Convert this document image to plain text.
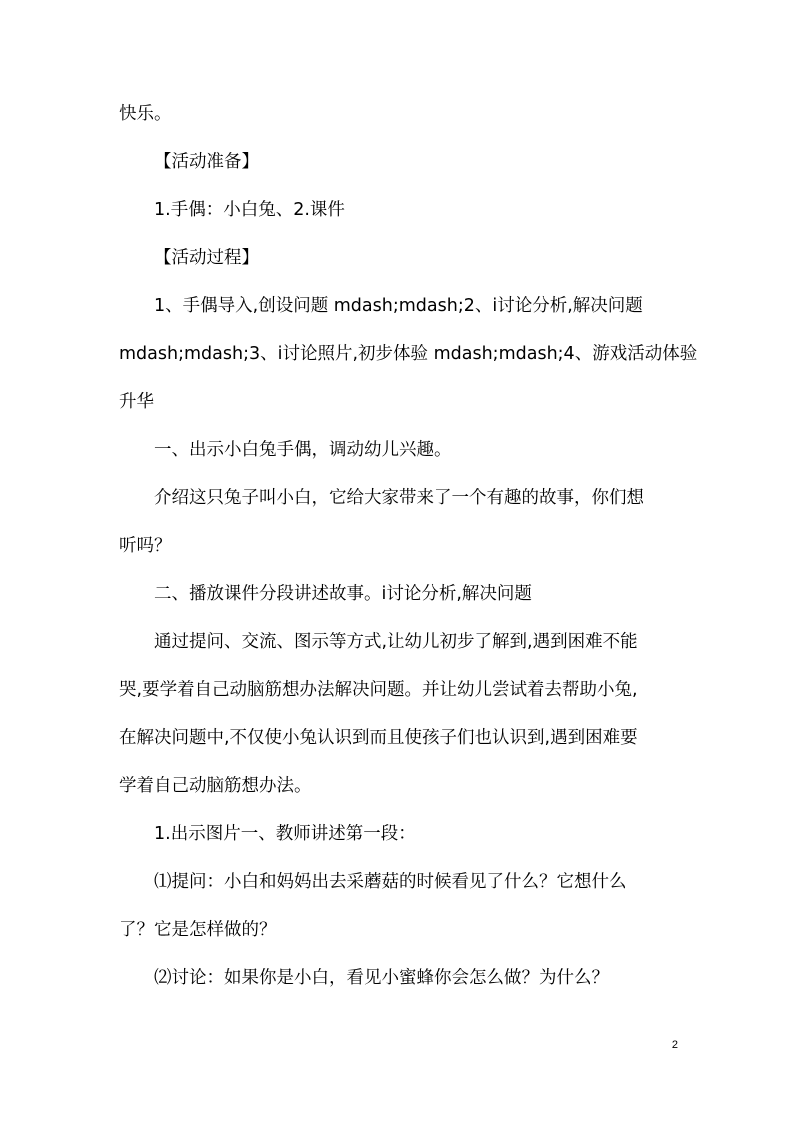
快乐。
【活动准备】
1.手偶：小白兔、2.课件
【活动过程】
1、手偶导入,创设问题 mdash;mdash;2、i讨论分析,解决问题
mdash;mdash;3、i讨论照片,初步体验 mdash;mdash;4、游戏活动体验
升华
一、出示小白兔手偶，调动幼儿兴趣。
介绍这只兔子叫小白，它给大家带来了一个有趣的故事，你们想
听吗？
二、播放课件分段讲述故事。i讨论分析,解决问题
通过提问、交流、图示等方式,让幼儿初步了解到,遇到困难不能
哭,要学着自己动脑筋想办法解决问题。并让幼儿尝试着去帮助小兔,
在解决问题中,不仅使小兔认识到而且使孩子们也认识到,遇到困难要
学着自己动脑筋想办法。
1.出示图片一、教师讲述第一段：
⑴提问：小白和妈妈出去采蘑菇的时候看见了什么？它想什么
了？它是怎样做的？
⑵讨论：如果你是小白，看见小蜜蜂你会怎么做？为什么？
2
